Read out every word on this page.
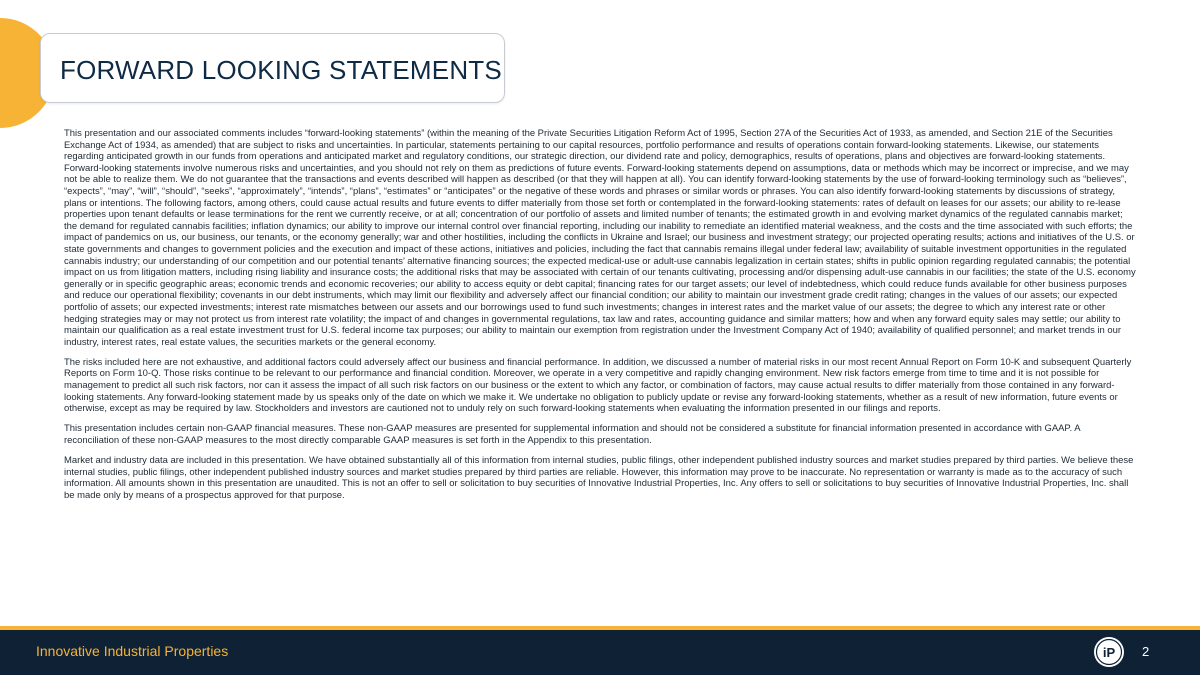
FORWARD LOOKING STATEMENTS

This presentation and our associated comments includes “forward-looking statements” (within the meaning of the Private Securities Litigation Reform Act of 1995, Section 27A of the Securities Act of 1933, as amended, and Section 21E of the Securities Exchange Act of 1934, as amended) that are subject to risks and uncertainties. In particular, statements pertaining to our capital resources, portfolio performance and results of operations contain forward-looking statements. Likewise, our statements regarding anticipated growth in our funds from operations and anticipated market and regulatory conditions, our strategic direction, our dividend rate and policy, demographics, results of operations, plans and objectives are forward-looking statements. Forward-looking statements involve numerous risks and uncertainties, and you should not rely on them as predictions of future events. Forward-looking statements depend on assumptions, data or methods which may be incorrect or imprecise, and we may not be able to realize them. We do not guarantee that the transactions and events described will happen as described (or that they will happen at all). You can identify forward-looking statements by the use of forward-looking terminology such as “believes”, “expects”, “may”, “will”, “should”, “seeks”, “approximately”, “intends”, “plans”, “estimates” or “anticipates” or the negative of these words and phrases or similar words or phrases. You can also identify forward-looking statements by discussions of strategy, plans or intentions. The following factors, among others, could cause actual results and future events to differ materially from those set forth or contemplated in the forward-looking statements: rates of default on leases for our assets; our ability to re-lease properties upon tenant defaults or lease terminations for the rent we currently receive, or at all; concentration of our portfolio of assets and limited number of tenants; the estimated growth in and evolving market dynamics of the regulated cannabis market; the demand for regulated cannabis facilities; inflation dynamics; our ability to improve our internal control over financial reporting, including our inability to remediate an identified material weakness, and the costs and the time associated with such efforts; the impact of pandemics on us, our business, our tenants, or the economy generally; war and other hostilities, including the conflicts in Ukraine and Israel; our business and investment strategy; our projected operating results; actions and initiatives of the U.S. or state governments and changes to government policies and the execution and impact of these actions, initiatives and policies, including the fact that cannabis remains illegal under federal law; availability of suitable investment opportunities in the regulated cannabis industry; our understanding of our competition and our potential tenants’ alternative financing sources; the expected medical-use or adult-use cannabis legalization in certain states; shifts in public opinion regarding regulated cannabis; the potential impact on us from litigation matters, including rising liability and insurance costs; the additional risks that may be associated with certain of our tenants cultivating, processing and/or dispensing adult-use cannabis in our facilities; the state of the U.S. economy generally or in specific geographic areas; economic trends and economic recoveries; our ability to access equity or debt capital; financing rates for our target assets; our level of indebtedness, which could reduce funds available for other business purposes and reduce our operational flexibility; covenants in our debt instruments, which may limit our flexibility and adversely affect our financial condition; our ability to maintain our investment grade credit rating; changes in the values of our assets; our expected portfolio of assets; our expected investments; interest rate mismatches between our assets and our borrowings used to fund such investments; changes in interest rates and the market value of our assets; the degree to which any interest rate or other hedging strategies may or may not protect us from interest rate volatility; the impact of and changes in governmental regulations, tax law and rates, accounting guidance and similar matters; how and when any forward equity sales may settle; our ability to maintain our qualification as a real estate investment trust for U.S. federal income tax purposes; our ability to maintain our exemption from registration under the Investment Company Act of 1940; availability of qualified personnel; and market trends in our industry, interest rates, real estate values, the securities markets or the general economy.

The risks included here are not exhaustive, and additional factors could adversely affect our business and financial performance. In addition, we discussed a number of material risks in our most recent Annual Report on Form 10-K and subsequent Quarterly Reports on Form 10-Q. Those risks continue to be relevant to our performance and financial condition. Moreover, we operate in a very competitive and rapidly changing environment. New risk factors emerge from time to time and it is not possible for management to predict all such risk factors, nor can it assess the impact of all such risk factors on our business or the extent to which any factor, or combination of factors, may cause actual results to differ materially from those contained in any forward-looking statements. Any forward-looking statement made by us speaks only of the date on which we make it. We undertake no obligation to publicly update or revise any forward-looking statements, whether as a result of new information, future events or otherwise, except as may be required by law. Stockholders and investors are cautioned not to unduly rely on such forward-looking statements when evaluating the information presented in our filings and reports.

This presentation includes certain non-GAAP financial measures. These non-GAAP measures are presented for supplemental information and should not be considered a substitute for financial information presented in accordance with GAAP. A reconciliation of these non-GAAP measures to the most directly comparable GAAP measures is set forth in the Appendix to this presentation.

Market and industry data are included in this presentation. We have obtained substantially all of this information from internal studies, public filings, other independent published industry sources and market studies prepared by third parties. We believe these internal studies, public filings, other independent published industry sources and market studies prepared by third parties are reliable. However, this information may prove to be inaccurate. No representation or warranty is made as to the accuracy of such information. All amounts shown in this presentation are unaudited. This is not an offer to sell or solicitation to buy securities of Innovative Industrial Properties, Inc. Any offers to sell or solicitations to buy securities of Innovative Industrial Properties, Inc. shall be made only by means of a prospectus approved for that purpose.

Innovative Industrial Properties	iP 2
